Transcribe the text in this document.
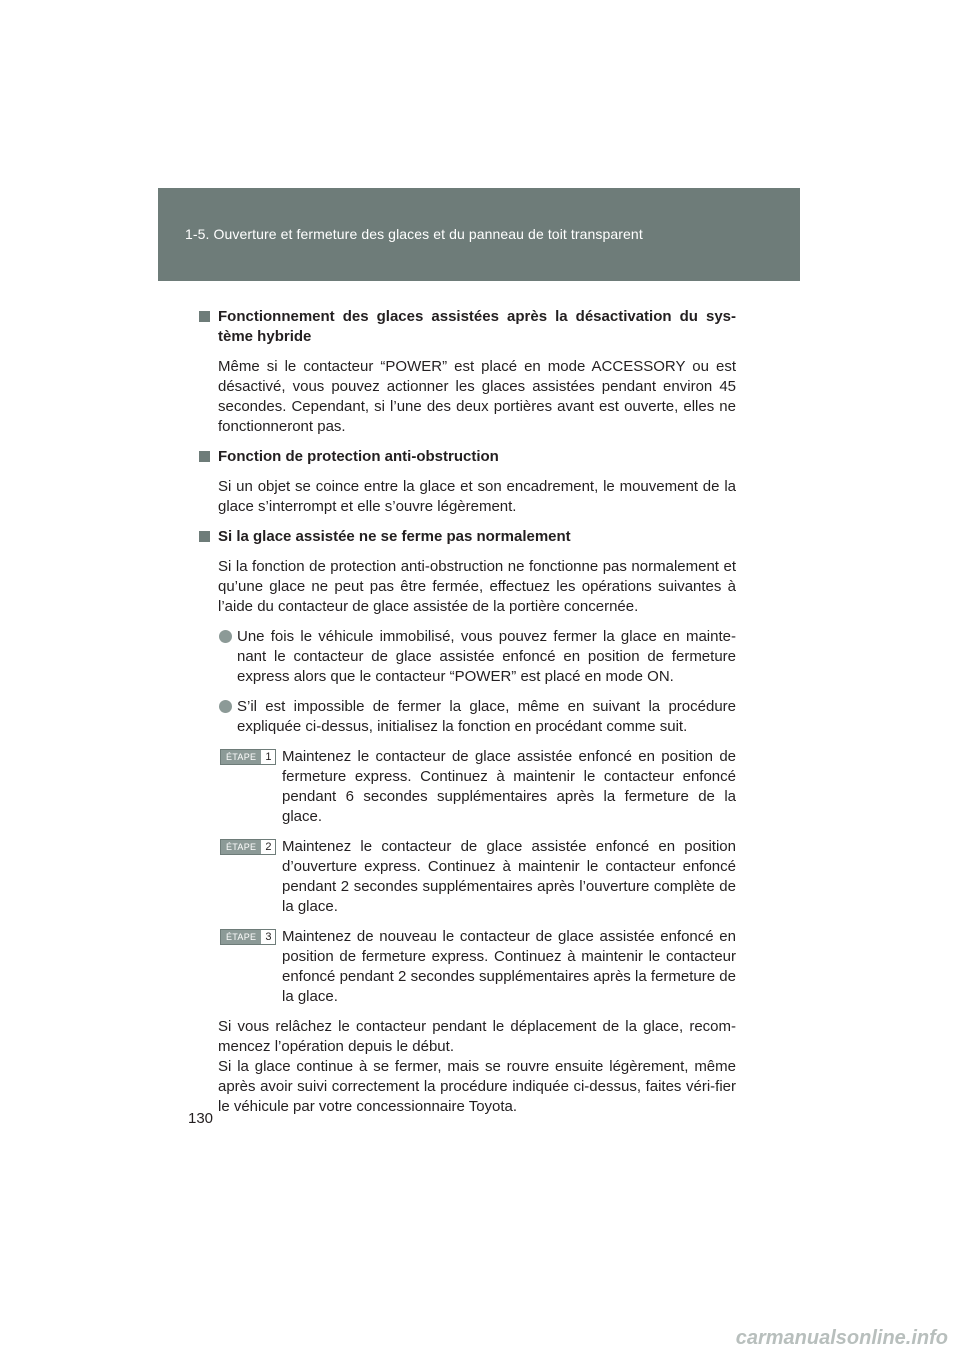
1-5. Ouverture et fermeture des glaces et du panneau de toit transparent
Fonctionnement des glaces assistées après la désactivation du sys-tème hybride
Même si le contacteur “POWER” est placé en mode ACCESSORY ou est désactivé, vous pouvez actionner les glaces assistées pendant environ 45 secondes. Cependant, si l’une des deux portières avant est ouverte, elles ne fonctionneront pas.
Fonction de protection anti-obstruction
Si un objet se coince entre la glace et son encadrement, le mouvement de la glace s’interrompt et elle s’ouvre légèrement.
Si la glace assistée ne se ferme pas normalement
Si la fonction de protection anti-obstruction ne fonctionne pas normalement et qu’une glace ne peut pas être fermée, effectuez les opérations suivantes à l’aide du contacteur de glace assistée de la portière concernée.
Une fois le véhicule immobilisé, vous pouvez fermer la glace en mainte-nant le contacteur de glace assistée enfoncé en position de fermeture express alors que le contacteur “POWER” est placé en mode ON.
S’il est impossible de fermer la glace, même en suivant la procédure expliquée ci-dessus, initialisez la fonction en procédant comme suit.
ÉTAPE 1 Maintenez le contacteur de glace assistée enfoncé en position de fermeture express. Continuez à maintenir le contacteur enfoncé pendant 6 secondes supplémentaires après la fermeture de la glace.
ÉTAPE 2 Maintenez le contacteur de glace assistée enfoncé en position d’ouverture express. Continuez à maintenir le contacteur enfoncé pendant 2 secondes supplémentaires après l’ouverture complète de la glace.
ÉTAPE 3 Maintenez de nouveau le contacteur de glace assistée enfoncé en position de fermeture express. Continuez à maintenir le contacteur enfoncé pendant 2 secondes supplémentaires après la fermeture de la glace.
Si vous relâchez le contacteur pendant le déplacement de la glace, recom-mencez l’opération depuis le début.
Si la glace continue à se fermer, mais se rouvre ensuite légèrement, même après avoir suivi correctement la procédure indiquée ci-dessus, faites véri-fier le véhicule par votre concessionnaire Toyota.
130
carmanualsonline.info
